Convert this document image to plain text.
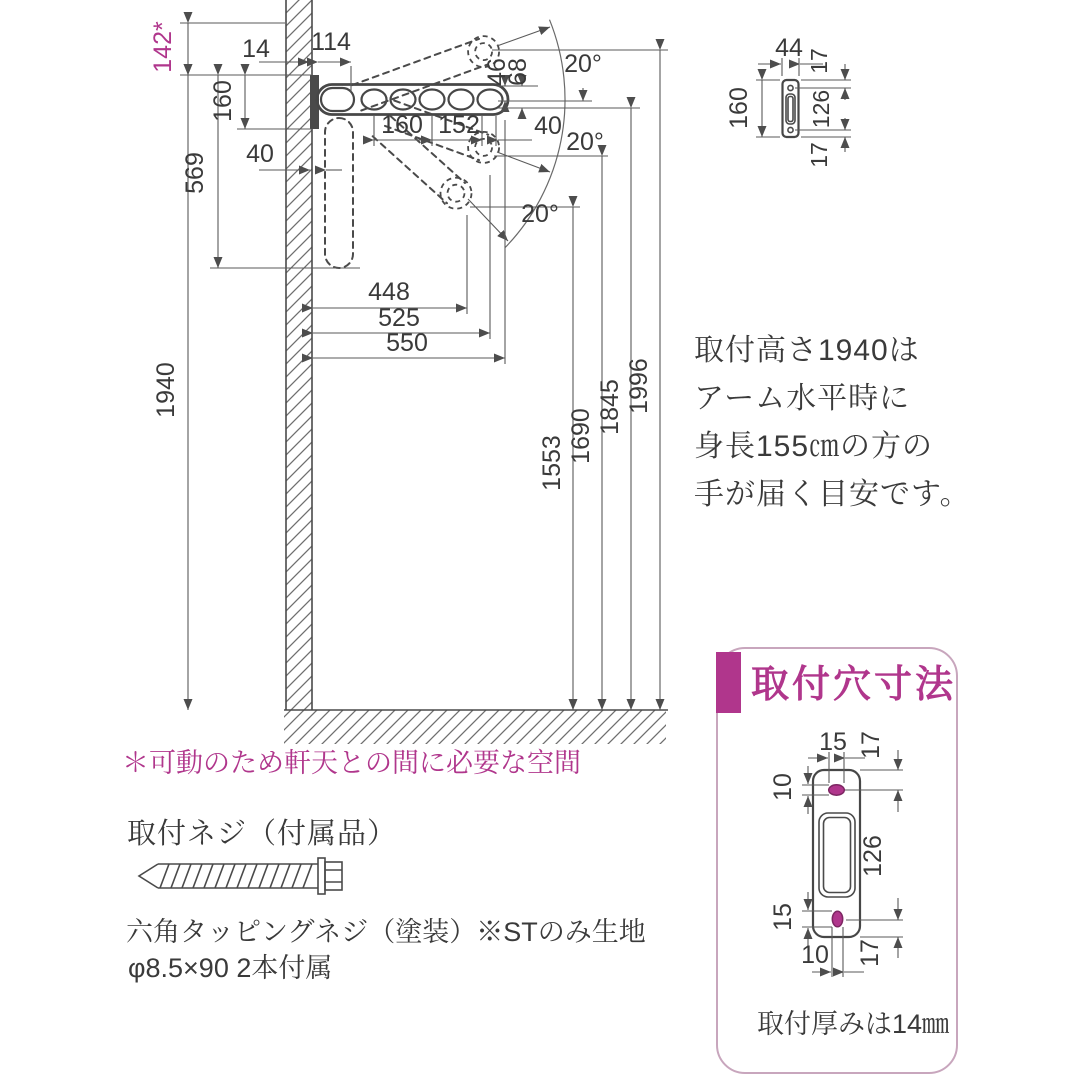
142*	14 114
160
569 40
1940
160 152 40
46
68 20°
20°
20°
448
525
550
1553 1690
1845 1996
44
160
17
126
17
取付高さ1940は アーム水平時に 身長155㎝の方の 手が届く目安です。
＊可動のため軒天との間に必要な空間
取付ネジ（付属品）
六角タッピングネジ（塗装）※STのみ生地
φ8.5×90 2本付属
取付穴寸法
15 17
10
126
15
10 17
取付厚みは14㎜
